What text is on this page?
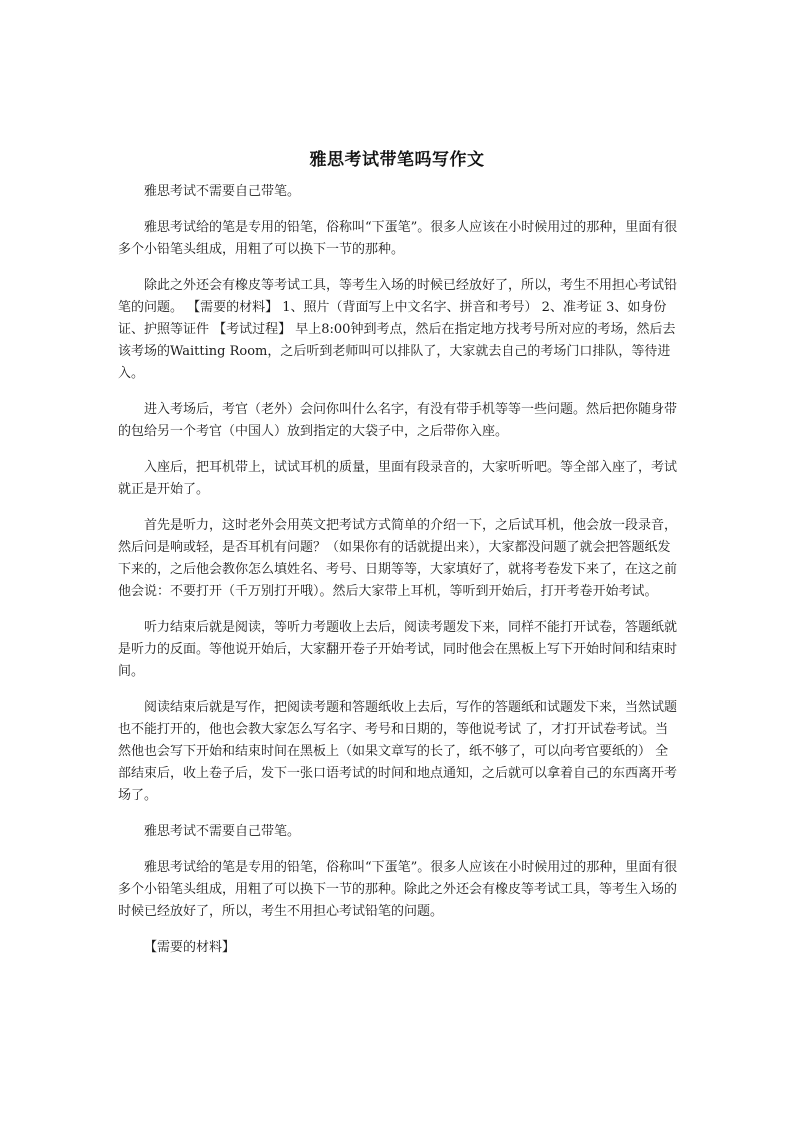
雅思考试带笔吗写作文

雅思考试不需要自己带笔。

雅思考试给的笔是专用的铅笔，俗称叫“下蛋笔”。很多人应该在小时候用过的那种，里面有很多个小铅笔头组成，用粗了可以换下一节的那种。

除此之外还会有橡皮等考试工具，等考生入场的时候已经放好了，所以，考生不用担心考试铅笔的问题。 【需要的材料】 1、照片（背面写上中文名字、拼音和考号） 2、准考证 3、如身份证、护照等证件 【考试过程】 早上8:00钟到考点，然后在指定地方找考号所对应的考场，然后去该考场的Waitting Room，之后听到老师叫可以排队了，大家就去自己的考场门口排队，等待进入。

进入考场后，考官（老外）会问你叫什么名字，有没有带手机等等一些问题。然后把你随身带的包给另一个考官（中国人）放到指定的大袋子中，之后带你入座。

入座后，把耳机带上，试试耳机的质量，里面有段录音的，大家听听吧。等全部入座了，考试就正是开始了。

首先是听力，这时老外会用英文把考试方式简单的介绍一下，之后试耳机，他会放一段录音，然后问是响或轻，是否耳机有问题？（如果你有的话就提出来），大家都没问题了就会把答题纸发下来的，之后他会教你怎么填姓名、考号、日期等等，大家填好了，就将考卷发下来了，在这之前他会说：不要打开（千万别打开哦）。然后大家带上耳机，等听到开始后，打开考卷开始考试。

听力结束后就是阅读，等听力考题收上去后，阅读考题发下来，同样不能打开试卷，答题纸就是听力的反面。等他说开始后，大家翻开卷子开始考试，同时他会在黑板上写下开始时间和结束时间。

阅读结束后就是写作，把阅读考题和答题纸收上去后，写作的答题纸和试题发下来，当然试题也不能打开的，他也会教大家怎么写名字、考号和日期的，等他说考试 了，才打开试卷考试。当然他也会写下开始和结束时间在黑板上（如果文章写的长了，纸不够了，可以向考官要纸的） 全部结束后，收上卷子后，发下一张口语考试的时间和地点通知，之后就可以拿着自己的东西离开考场了。

雅思考试不需要自己带笔。

雅思考试给的笔是专用的铅笔，俗称叫“下蛋笔”。很多人应该在小时候用过的那种，里面有很多个小铅笔头组成，用粗了可以换下一节的那种。除此之外还会有橡皮等考试工具，等考生入场的时候已经放好了，所以，考生不用担心考试铅笔的问题。

【需要的材料】
